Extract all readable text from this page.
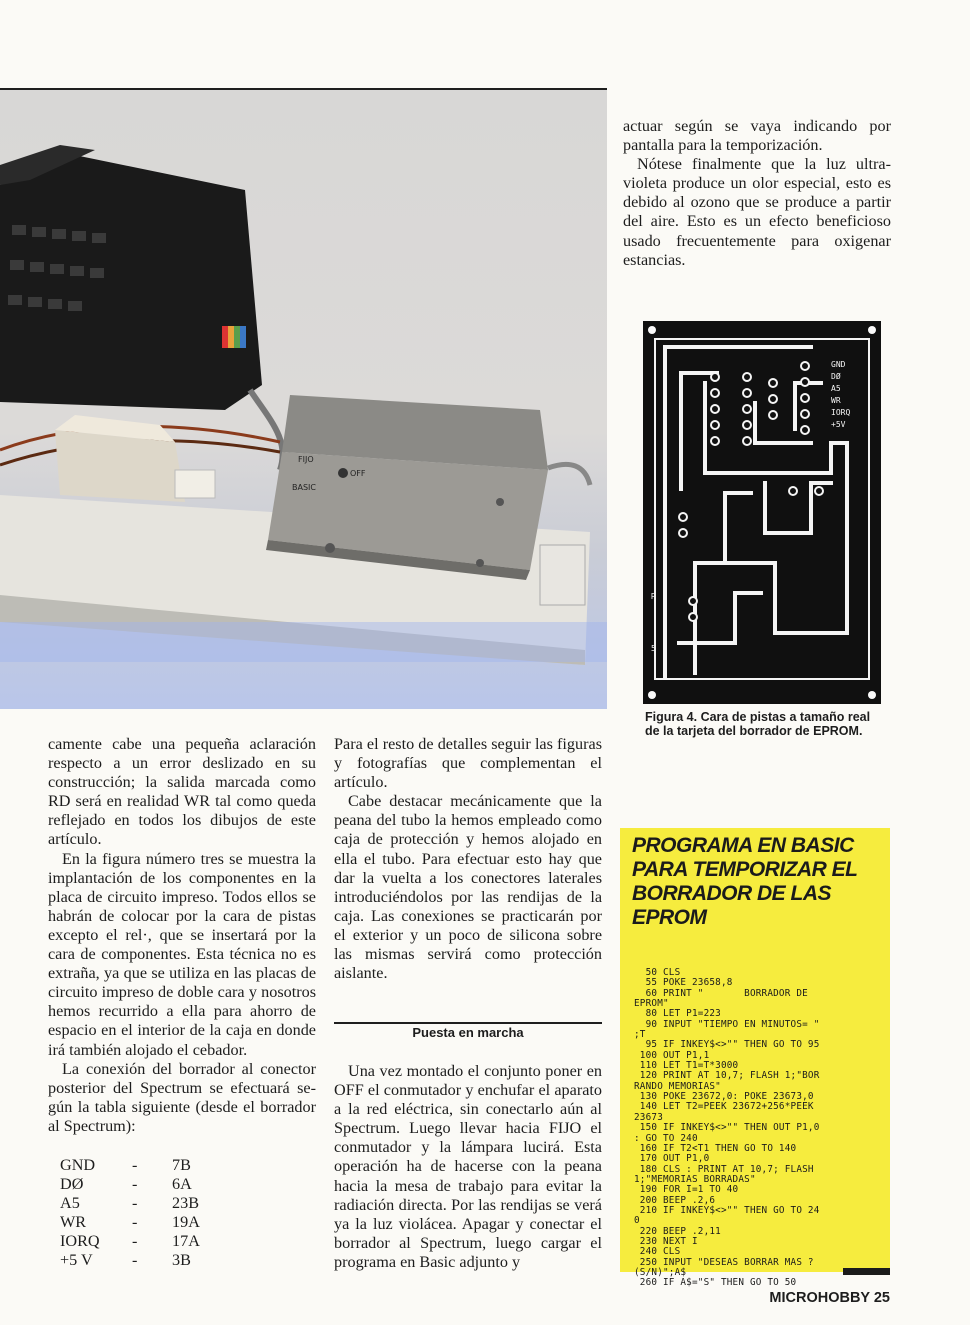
FIJO
OFF
BASIC

actuar según se vaya indicando por pantalla para la temporización.

Nótese finalmente que la luz ultravioleta produce un olor especial, esto es debido al ozono que se produce a partir del aire. Esto es un efecto beneficioso usado frecuentemente para oxigenar estancias.

GND
DØ
A5
WR
IORQ
+5V
R
5
Figura 4. Cara de pistas a tamaño real de la tarjeta del borrador de EPROM.

camente cabe una pequeña aclaración respecto a un error deslizado en su construcción; la salida marcada como RD será en realidad WR tal como queda reflejado en todos los dibujos de este artículo.

En la figura número tres se muestra la implantación de los componentes en la placa de circuito impreso. Todos ellos se habrán de colocar por la cara de pistas excepto el rel·, que se insertará por la cara de componentes. Esta técnica no es extraña, ya que se utiliza en las placas de circuito impreso de doble cara y nosotros hemos recurrido a ella para ahorro de espacio en el interior de la caja en donde irá también alojado el cebador.

La conexión del borrador al conector posterior del Spectrum se efectuará según la tabla siguiente (desde el borrador al Spectrum):

GND	-	7B
DØ	-	6A
A5	-	23B
WR	-	19A
IORQ	-	17A
+5 V	-	3B

Para el resto de detalles seguir las figuras y fotografías que complementan el artículo.

Cabe destacar mecánicamente que la peana del tubo la hemos empleado como caja de protección y hemos alojado en ella el tubo. Para efectuar esto hay que dar la vuelta a los conectores laterales introduciéndolos por las rendijas de la caja. Las conexiones se practicarán por el exterior y un poco de silicona sobre las mismas servirá como protección aislante.

Puesta en marcha

Una vez montado el conjunto poner en OFF el conmutador y enchufar el aparato a la red eléctrica, sin conectarlo aún al Spectrum. Luego llevar hacia FIJO el conmutador y la lámpara lucirá. Esta operación ha de hacerse con la peana hacia la mesa de trabajo para evitar la radiación directa. Por las rendijas se verá ya la luz violácea. Apagar y conectar el borrador al Spectrum, luego cargar el programa en Basic adjunto y

PROGRAMA EN BASIC PARA TEMPORIZAR EL BORRADOR DE LAS EPROM
50 CLS
55 POKE 23658,8
60 PRINT "       BORRADOR DE
EPROM"
80 LET P1=223
90 INPUT "TIEMPO EN MINUTOS= "
;T
95 IF INKEY$<>"" THEN GO TO 95
100 OUT P1,1
110 LET T1=T*3000
120 PRINT AT 10,7; FLASH 1;"BOR
RANDO MEMORIAS"
130 POKE 23672,0: POKE 23673,0
140 LET T2=PEEK 23672+256*PEEK
23673
150 IF INKEY$<>"" THEN OUT P1,0
: GO TO 240
160 IF T2<T1 THEN GO TO 140
170 OUT P1,0
180 CLS : PRINT AT 10,7; FLASH
1;"MEMORIAS BORRADAS"
190 FOR I=1 TO 40
200 BEEP .2,6
210 IF INKEY$<>"" THEN GO TO 24
0
220 BEEP .2,11
230 NEXT I
240 CLS
250 INPUT "DESEAS BORRAR MAS ?
(S/N)";A$
260 IF A$="S" THEN GO TO 50
MICROHOBBY 25
